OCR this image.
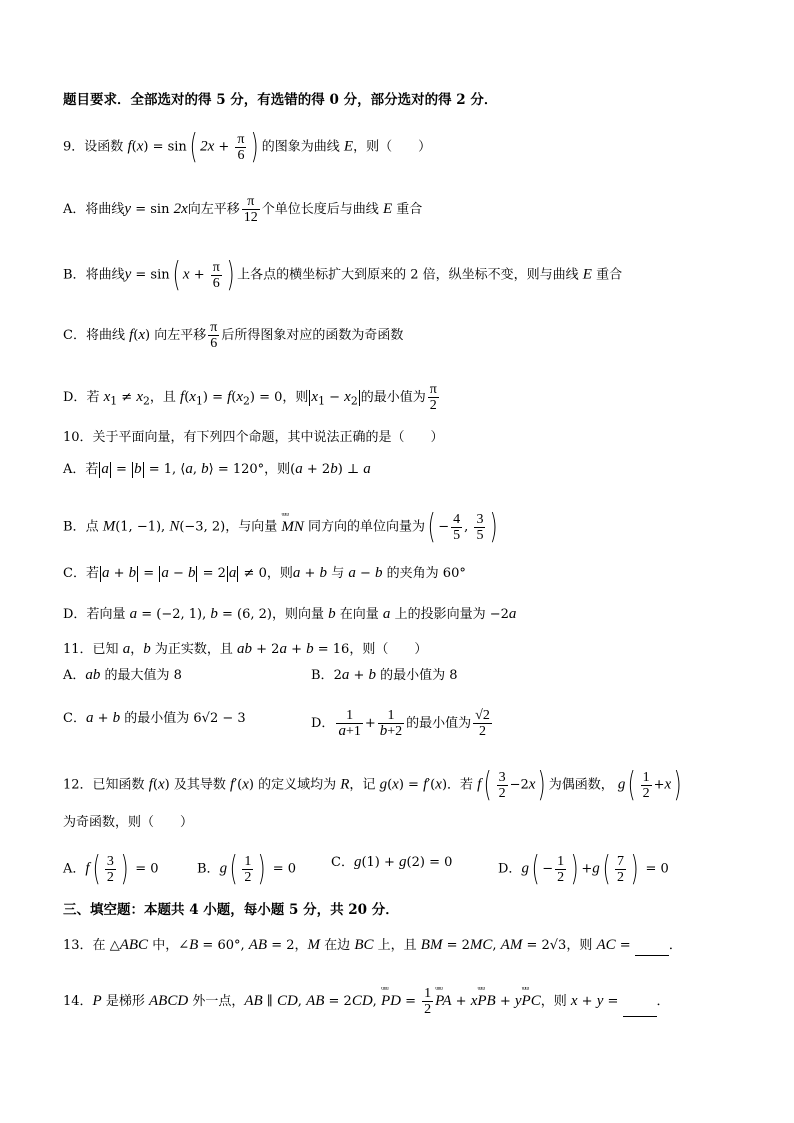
题目要求．全部选对的得 5 分，有选错的得 0 分，部分选对的得 2 分．
9．设函数 f(x) = sin( $2x + \frac{\pi}{6}$ ) 的图象为曲线 E，则（　　）
A．将曲线y = sin 2x向左平移 $\frac{\pi}{12}$ 个单位长度后与曲线 E 重合
B．将曲线y = sin( $x + \frac{\pi}{6}$ ) 上各点的横坐标扩大到原来的 2 倍，纵坐标不变，则与曲线 E 重合
C．将曲线 f(x) 向左平移 $\frac{\pi}{6}$ 后所得图象对应的函数为奇函数
D．若 $x_1 \ne x_2$，且 $f(x_1) = f(x_2) = 0$，则 $x_1 - x_2$ 的最小值为 $\frac{\pi}{2}$
10．关于平面向量，有下列四个命题，其中说法正确的是（　　）
A．若 a = b = 1, ⟨a, b⟩ = 120°，则(a + 2b) ⊥ a
B．点 M(1, −1), N(−3, 2)，与向量 ᵚᵚ MN 同方向的单位向量为( − $\frac{4}{5}$ , $\frac{3}{5}$ )
C．若 a + b = a − b = 2 a ≠ 0，则a + b 与 a − b 的夹角为 60°
D．若向量 a = (−2, 1), b = (6, 2)，则向量 b 在向量 a 上的投影向量为 −2a
11．已知 a，b 为正实数，且 ab + 2a + b = 16，则（　　）
A．ab 的最大值为 8	B．2a + b 的最小值为 8
C．a + b 的最小值为 6√2 − 3	D． $\frac{1}{a+1} + \frac{1}{b+2}$ 的最小值为 $\frac{√2}{2}$
12．已知函数 f(x) 及其导数 f′(x) 的定义域均为 R，记 g(x) = f′(x)．若 $f( \frac{3}{2} -2x)$ 为偶函数， $g( \frac{1}{2} +x)$
为奇函数，则（　　）
A．$f( \frac{3}{2}$ ) = 0	B．$g( \frac{1}{2}$ ) = 0	C．g(1) + g(2) = 0	D．$g( - \frac{1}{2}$ ) $+g( \frac{7}{2}$ ) = 0
三、填空题：本题共 4 小题，每小题 5 分，共 20 分．
13．在 △ABC 中，∠B = 60°, AB = 2，M 在边 BC 上，且 BM = 2MC, AM = 2√3，则 AC =	．
14．P 是梯形 ABCD 外一点，AB ∥ CD, AB = 2CD, ᵚᵚ PD = $\frac{1}{2}$ ᵚᵚ PA + xᵚᵚ PB + yᵚᵚ PC，则 x + y =	．
